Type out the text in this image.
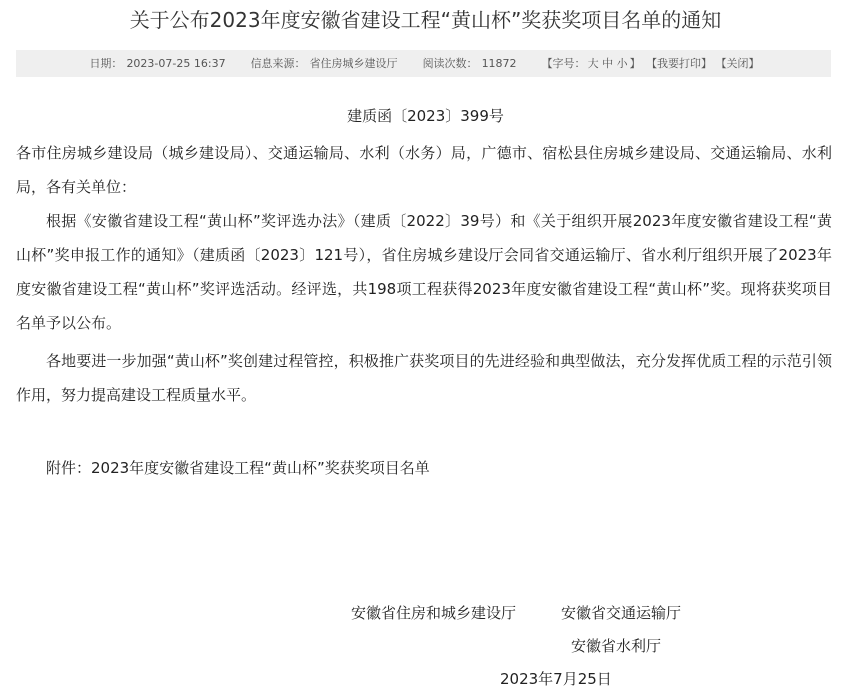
关于公布2023年度安徽省建设工程“黄山杯”奖获奖项目名单的通知
日期： 2023-07-25 16:37 信息来源： 省住房城乡建设厅 阅读次数： 11872 【字号： 大 中 小 】 【我要打印】 【关闭】

建质函〔2023〕399号

各市住房城乡建设局（城乡建设局）、交通运输局、水利（水务）局，广德市、宿松县住房城乡建设局、交通运输局、水利局，各有关单位：

根据《安徽省建设工程“黄山杯”奖评选办法》（建质〔2022〕39号）和《关于组织开展2023年度安徽省建设工程“黄山杯”奖申报工作的通知》（建质函〔2023〕121号），省住房城乡建设厅会同省交通运输厅、省水利厅组织开展了2023年度安徽省建设工程“黄山杯”奖评选活动。经评选，共198项工程获得2023年度安徽省建设工程“黄山杯”奖。现将获奖项目名单予以公布。

各地要进一步加强“黄山杯”奖创建过程管控，积极推广获奖项目的先进经验和典型做法，充分发挥优质工程的示范引领作用，努力提高建设工程质量水平。

附件：2023年度安徽省建设工程“黄山杯”奖获奖项目名单

安徽省住房和城乡建设厅	安徽省交通运输厅

安徽省水利厅

2023年7月25日
